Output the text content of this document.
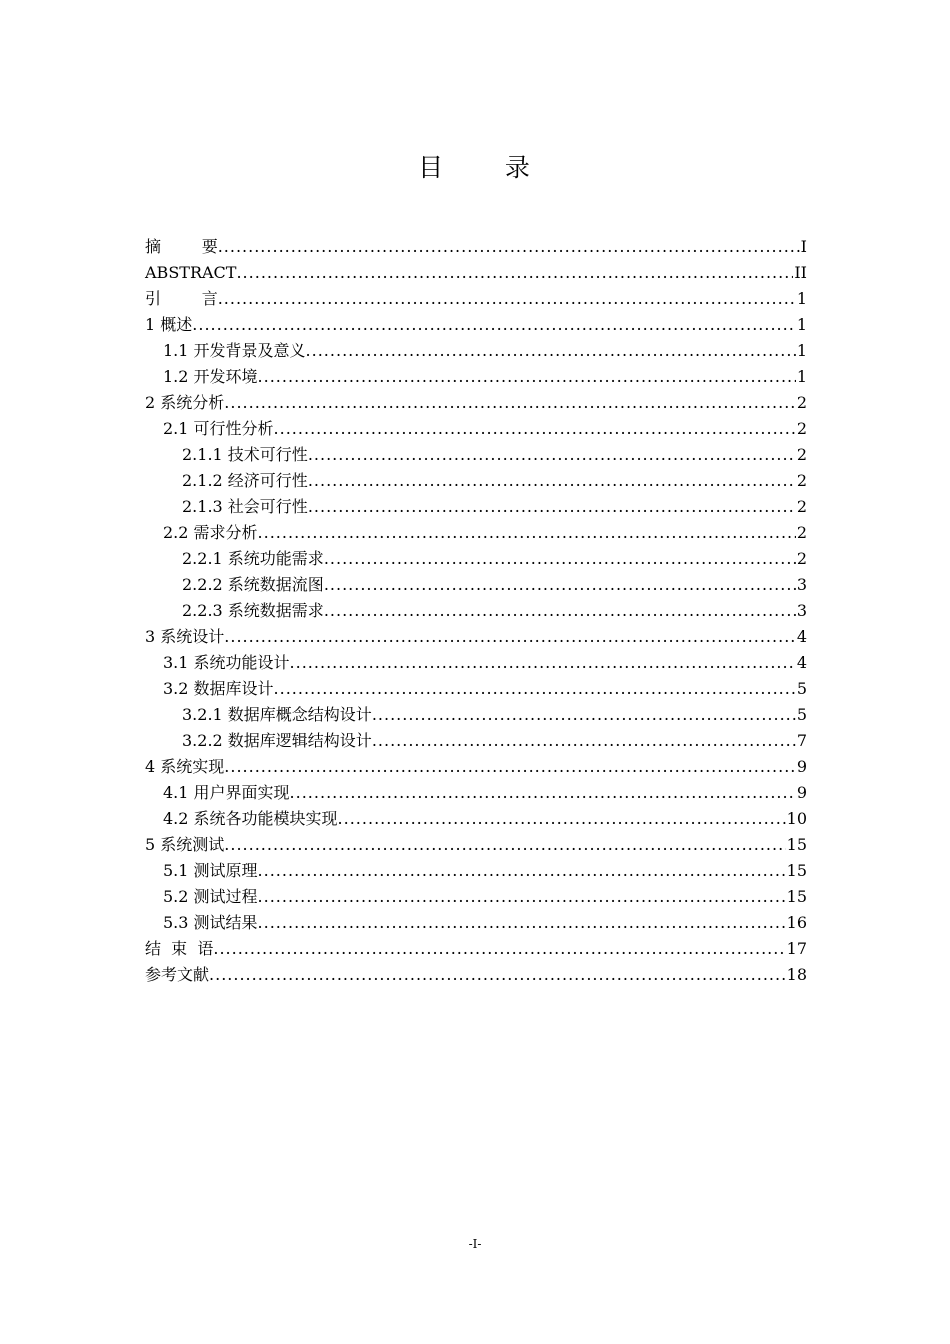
目      录
摘        要 .....	I
ABSTRACT .....	II
引        言 .....	1
1 概述 .....	1
1.1 开发背景及意义 .....	1
1.2 开发环境 .....	1
2 系统分析 .....	2
2.1 可行性分析 .....	2
2.1.1 技术可行性 .....	2
2.1.2 经济可行性 .....	2
2.1.3 社会可行性 .....	2
2.2 需求分析 .....	2
2.2.1 系统功能需求 .....	2
2.2.2 系统数据流图 .....	3
2.2.3 系统数据需求 .....	3
3 系统设计 .....	4
3.1 系统功能设计 .....	4
3.2 数据库设计 .....	5
3.2.1 数据库概念结构设计 .....	5
3.2.2 数据库逻辑结构设计 .....	7
4 系统实现 .....	9
4.1 用户界面实现 .....	9
4.2 系统各功能模块实现 .....	10
5 系统测试 .....	15
5.1 测试原理 .....	15
5.2 测试过程 .....	15
5.3 测试结果 .....	16
结  束  语 .....	17
参考文献 .....	18
-I-
